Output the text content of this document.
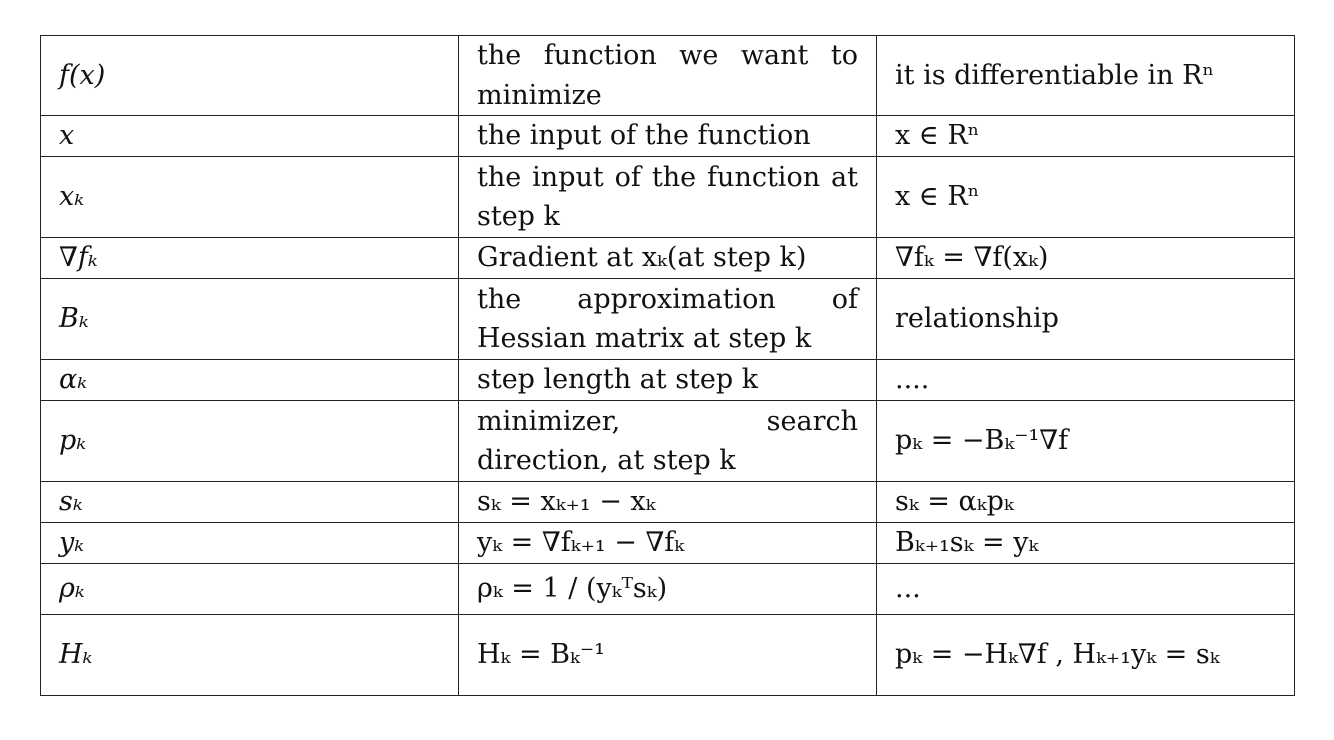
f(x)	the function we want to minimize	it is differentiable in Rⁿ
x	the input of the function	x ∈ Rⁿ
xₖ	the input of the function at step k	x ∈ Rⁿ
∇fₖ	Gradient at xₖ(at step k)	∇fₖ = ∇f(xₖ)
Bₖ	the approximation of Hessian matrix at step k	relationship
αₖ	step length at step k	....
pₖ	minimizer, search direction, at step k	pₖ = −Bₖ⁻¹∇f
sₖ	sₖ = xₖ₊₁ − xₖ	sₖ = αₖpₖ
yₖ	yₖ = ∇fₖ₊₁ − ∇fₖ	Bₖ₊₁sₖ = yₖ
ρₖ	ρₖ = 1 / (yₖᵀsₖ)	...
Hₖ	Hₖ = Bₖ⁻¹	pₖ = −Hₖ∇f , Hₖ₊₁yₖ = sₖ
